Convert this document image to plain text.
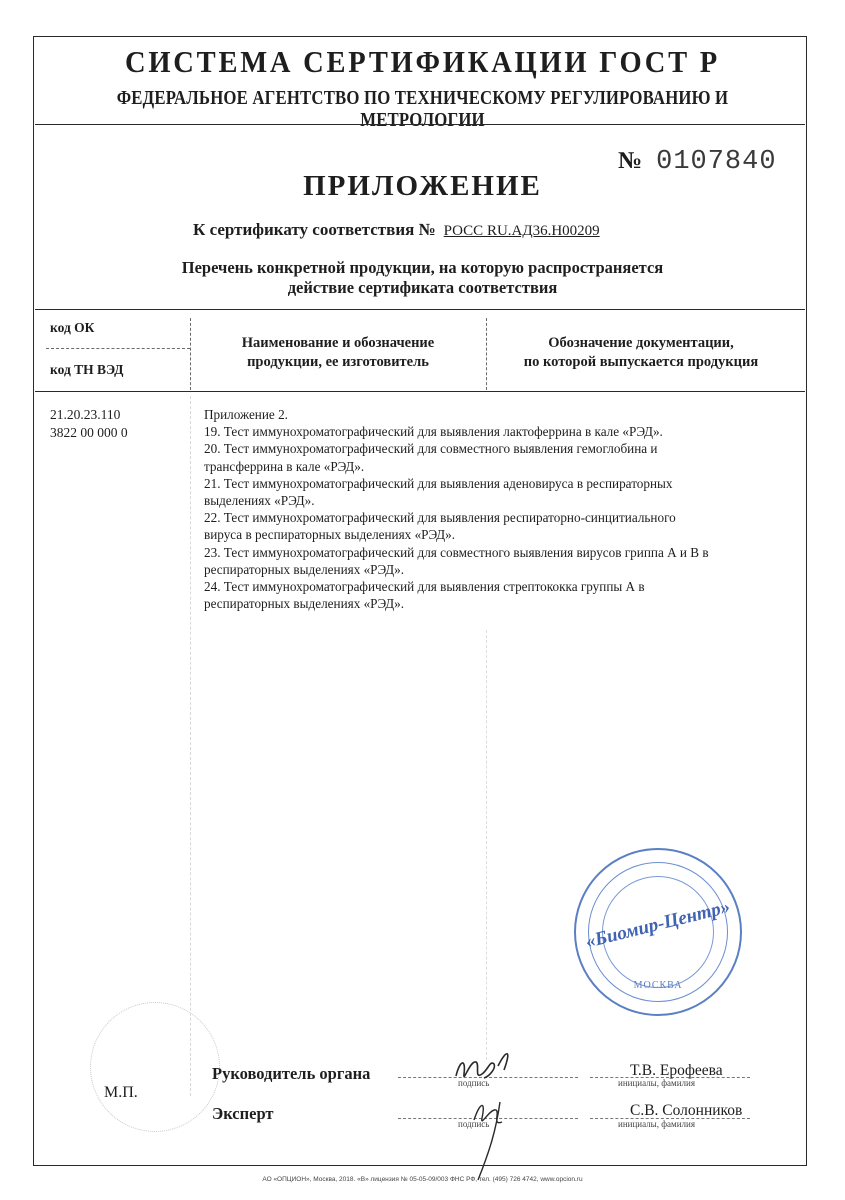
СИСТЕМА СЕРТИФИКАЦИИ ГОСТ Р
ФЕДЕРАЛЬНОЕ АГЕНТСТВО ПО ТЕХНИЧЕСКОМУ РЕГУЛИРОВАНИЮ И МЕТРОЛОГИИ
№ 0107840
ПРИЛОЖЕНИЕ
К сертификату соответствия № РОСС RU.АД36.Н00209
Перечень конкретной продукции, на которую распространяется
действие сертификата соответствия
код ОК
код ТН ВЭД
Наименование и обозначение
продукции, ее изготовитель
Обозначение документации,
по которой выпускается продукция
21.20.23.110
3822 00 000 0
Приложение 2.
19. Тест иммунохроматографический для выявления лактоферрина в кале «РЭД».
20. Тест иммунохроматографический для совместного выявления гемоглобина и
трансферрина в кале «РЭД».
21. Тест иммунохроматографический для выявления аденовируса в респираторных
выделениях «РЭД».
22. Тест иммунохроматографический для выявления респираторно-синцитиального
вируса в респираторных выделениях «РЭД».
23. Тест иммунохроматографический для совместного выявления вирусов гриппа А и В в
респираторных выделениях «РЭД».
24. Тест иммунохроматографический для выявления стрептококка группы А в
респираторных выделениях «РЭД».
«Биомир-Центр»
МОСКВА
М.П.
Руководитель органа	подпись
Т.В. Ерофеева
инициалы, фамилия
Эксперт
подпись
С.В. Солонников
инициалы, фамилия
АО «ОПЦИОН», Москва, 2018. «В» лицензия № 05-05-09/003 ФНС РФ, тел. (495) 726 4742, www.opcion.ru
